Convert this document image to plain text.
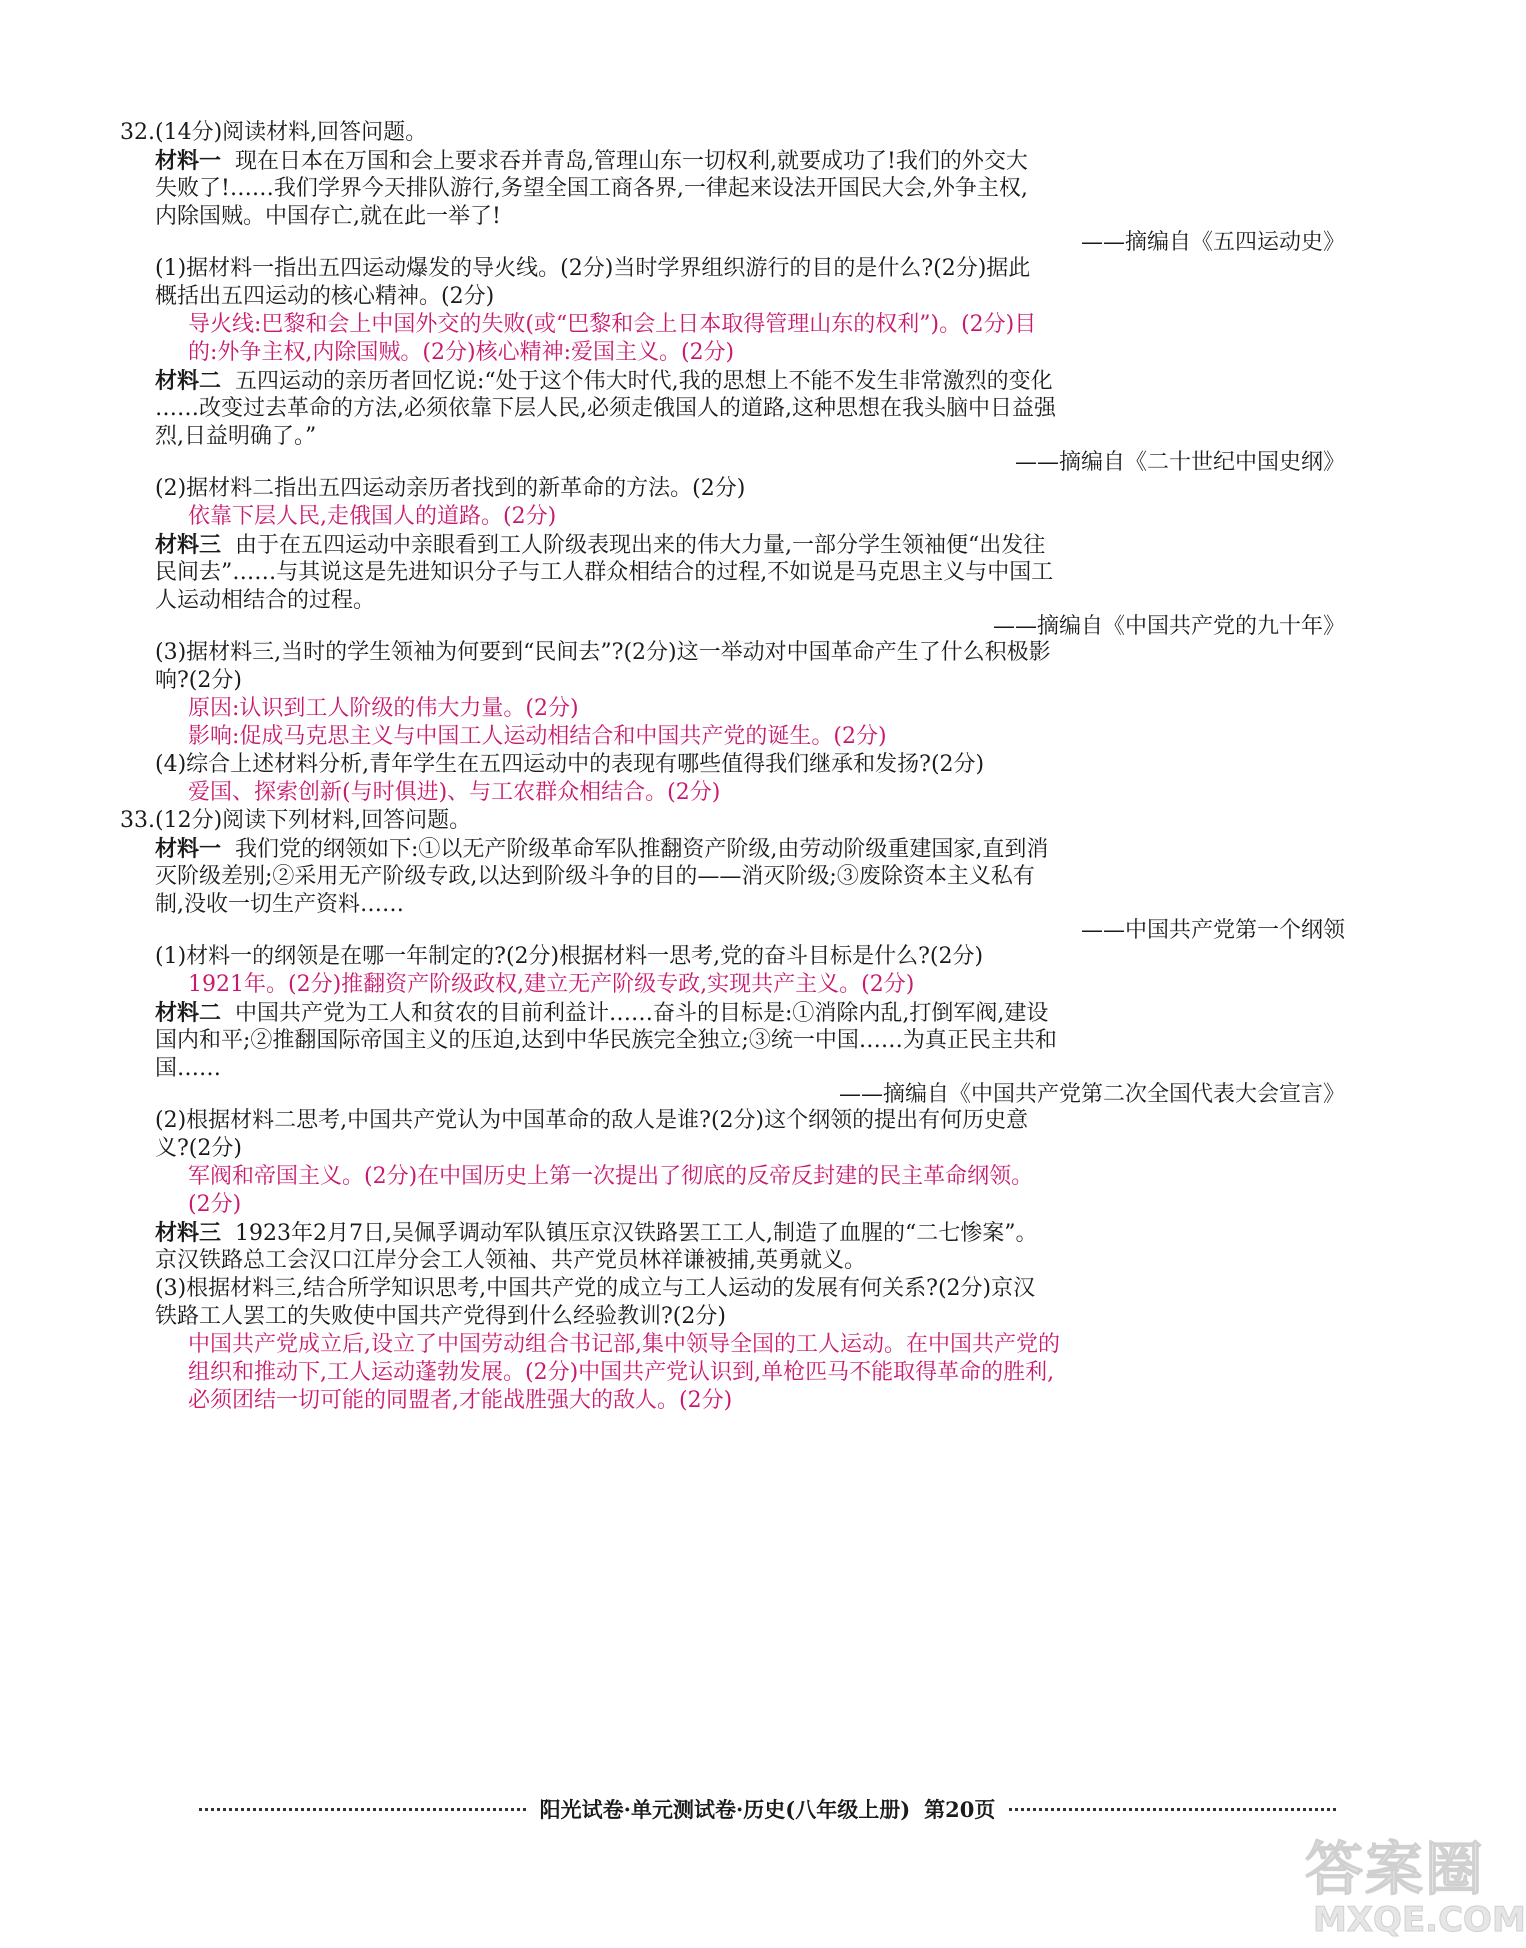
32.(14分)阅读材料,回答问题。
材料一 现在日本在万国和会上要求吞并青岛,管理山东一切权利,就要成功了!我们的外交大
失败了!……我们学界今天排队游行,务望全国工商各界,一律起来设法开国民大会,外争主权,
内除国贼。中国存亡,就在此一举了!
——摘编自《五四运动史》
(1)据材料一指出五四运动爆发的导火线。(2分)当时学界组织游行的目的是什么?(2分)据此
概括出五四运动的核心精神。(2分)
导火线:巴黎和会上中国外交的失败(或“巴黎和会上日本取得管理山东的权利”)。(2分)目
的:外争主权,内除国贼。(2分)核心精神:爱国主义。(2分)
材料二 五四运动的亲历者回忆说:“处于这个伟大时代,我的思想上不能不发生非常激烈的变化
……改变过去革命的方法,必须依靠下层人民,必须走俄国人的道路,这种思想在我头脑中日益强
烈,日益明确了。”
——摘编自《二十世纪中国史纲》
(2)据材料二指出五四运动亲历者找到的新革命的方法。(2分)
依靠下层人民,走俄国人的道路。(2分)
材料三 由于在五四运动中亲眼看到工人阶级表现出来的伟大力量,一部分学生领袖便“出发往
民间去”……与其说这是先进知识分子与工人群众相结合的过程,不如说是马克思主义与中国工
人运动相结合的过程。
——摘编自《中国共产党的九十年》
(3)据材料三,当时的学生领袖为何要到“民间去”?(2分)这一举动对中国革命产生了什么积极影
响?(2分)
原因:认识到工人阶级的伟大力量。(2分)
影响:促成马克思主义与中国工人运动相结合和中国共产党的诞生。(2分)
(4)综合上述材料分析,青年学生在五四运动中的表现有哪些值得我们继承和发扬?(2分)
爱国、探索创新(与时俱进)、与工农群众相结合。(2分)
33.(12分)阅读下列材料,回答问题。
材料一 我们党的纲领如下:①以无产阶级革命军队推翻资产阶级,由劳动阶级重建国家,直到消
灭阶级差别;②采用无产阶级专政,以达到阶级斗争的目的——消灭阶级;③废除资本主义私有
制,没收一切生产资料……
——中国共产党第一个纲领
(1)材料一的纲领是在哪一年制定的?(2分)根据材料一思考,党的奋斗目标是什么?(2分)
1921年。(2分)推翻资产阶级政权,建立无产阶级专政,实现共产主义。(2分)
材料二 中国共产党为工人和贫农的目前利益计……奋斗的目标是:①消除内乱,打倒军阀,建设
国内和平;②推翻国际帝国主义的压迫,达到中华民族完全独立;③统一中国……为真正民主共和
国……
——摘编自《中国共产党第二次全国代表大会宣言》
(2)根据材料二思考,中国共产党认为中国革命的敌人是谁?(2分)这个纲领的提出有何历史意
义?(2分)
军阀和帝国主义。(2分)在中国历史上第一次提出了彻底的反帝反封建的民主革命纲领。
(2分)
材料三 1923年2月7日,吴佩孚调动军队镇压京汉铁路罢工工人,制造了血腥的“二七惨案”。
京汉铁路总工会汉口江岸分会工人领袖、共产党员林祥谦被捕,英勇就义。
(3)根据材料三,结合所学知识思考,中国共产党的成立与工人运动的发展有何关系?(2分)京汉
铁路工人罢工的失败使中国共产党得到什么经验教训?(2分)
中国共产党成立后,设立了中国劳动组合书记部,集中领导全国的工人运动。在中国共产党的
组织和推动下,工人运动蓬勃发展。(2分)中国共产党认识到,单枪匹马不能取得革命的胜利,
必须团结一切可能的同盟者,才能战胜强大的敌人。(2分)
阳光试卷·单元测试卷·历史(八年级上册) 第20页
答案圈
MXQE.COM
